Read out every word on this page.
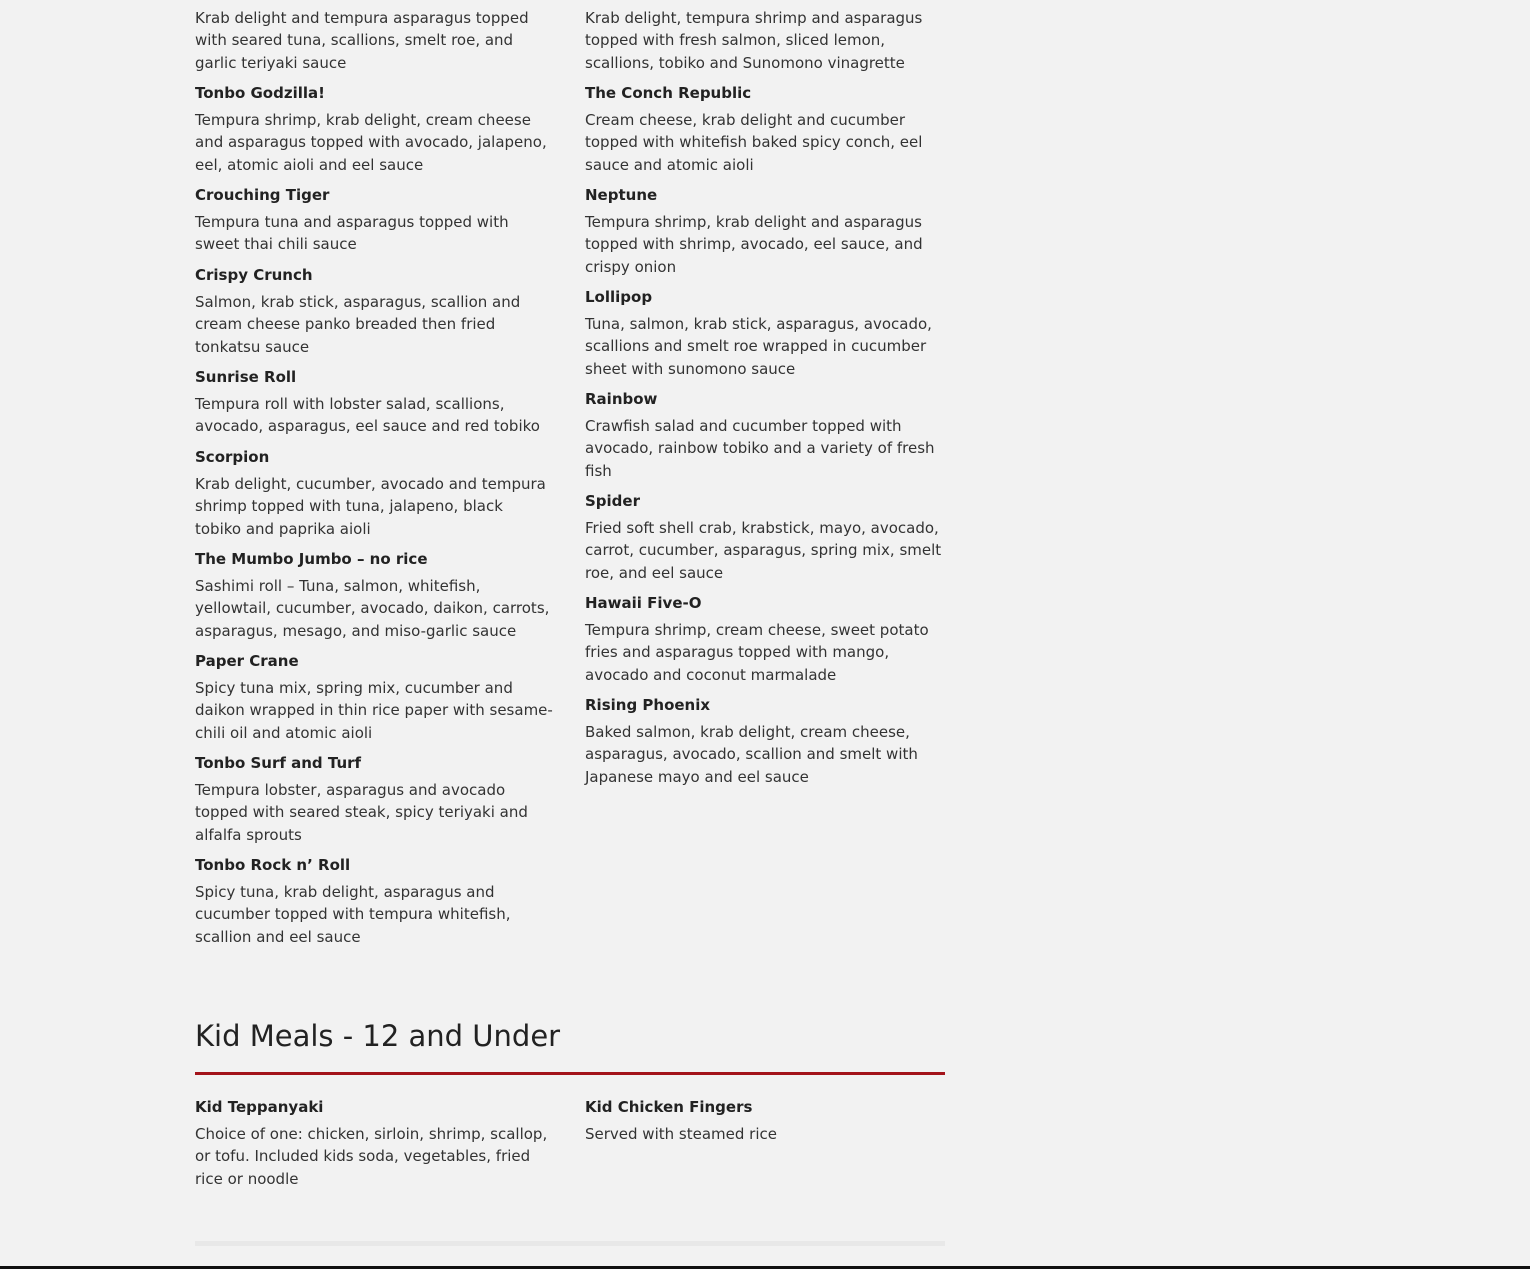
Krab delight and tempura asparagus topped with seared tuna, scallions, smelt roe, and garlic teriyaki sauce
Tonbo Godzilla!
Tempura shrimp, krab delight, cream cheese and asparagus topped with avocado, jalapeno, eel, atomic aioli and eel sauce
Crouching Tiger
Tempura tuna and asparagus topped with sweet thai chili sauce
Crispy Crunch
Salmon, krab stick, asparagus, scallion and cream cheese panko breaded then fried tonkatsu sauce
Sunrise Roll
Tempura roll with lobster salad, scallions, avocado, asparagus, eel sauce and red tobiko
Scorpion
Krab delight, cucumber, avocado and tempura shrimp topped with tuna, jalapeno, black tobiko and paprika aioli
The Mumbo Jumbo – no rice
Sashimi roll – Tuna, salmon, whitefish, yellowtail, cucumber, avocado, daikon, carrots, asparagus, mesago, and miso-garlic sauce
Paper Crane
Spicy tuna mix, spring mix, cucumber and daikon wrapped in thin rice paper with sesame-chili oil and atomic aioli
Tonbo Surf and Turf
Tempura lobster, asparagus and avocado topped with seared steak, spicy teriyaki and alfalfa sprouts
Tonbo Rock n’ Roll
Spicy tuna, krab delight, asparagus and cucumber topped with tempura whitefish, scallion and eel sauce
Krab delight, tempura shrimp and asparagus topped with fresh salmon, sliced lemon, scallions, tobiko and Sunomono vinagrette
The Conch Republic
Cream cheese, krab delight and cucumber topped with whitefish baked spicy conch, eel sauce and atomic aioli
Neptune
Tempura shrimp, krab delight and asparagus topped with shrimp, avocado, eel sauce, and crispy onion
Lollipop
Tuna, salmon, krab stick, asparagus, avocado, scallions and smelt roe wrapped in cucumber sheet with sunomono sauce
Rainbow
Crawfish salad and cucumber topped with avocado, rainbow tobiko and a variety of fresh fish
Spider
Fried soft shell crab, krabstick, mayo, avocado, carrot, cucumber, asparagus, spring mix, smelt roe, and eel sauce
Hawaii Five-O
Tempura shrimp, cream cheese, sweet potato fries and asparagus topped with mango, avocado and coconut marmalade
Rising Phoenix
Baked salmon, krab delight, cream cheese, asparagus, avocado, scallion and smelt with Japanese mayo and eel sauce
Kid Meals - 12 and Under
Kid Teppanyaki
Choice of one: chicken, sirloin, shrimp, scallop, or tofu. Included kids soda, vegetables, fried rice or noodle
Kid Chicken Fingers
Served with steamed rice
